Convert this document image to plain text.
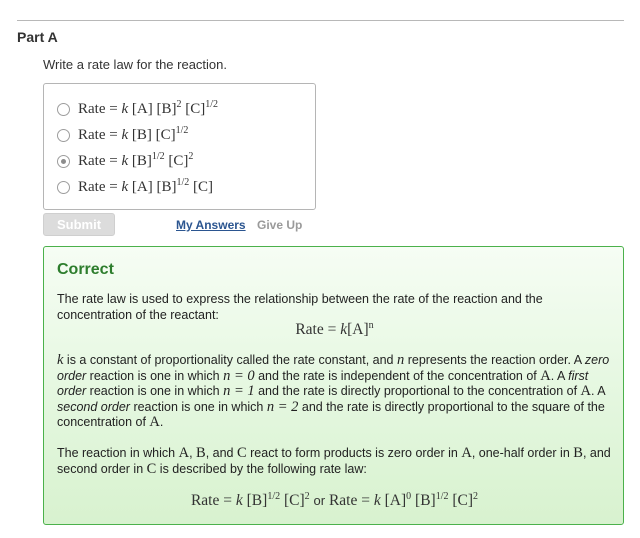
Part A
Write a rate law for the reaction.
Rate = k [A] $[B]^2$ $[C]^{1/2}$
Rate = k [B] $[C]^{1/2}$
Rate = k $[B]^{1/2}$ $[C]^2$
Rate = k [A] $[B]^{1/2}$ [C]
Submit	My Answers Give Up
Correct

The rate law is used to express the relationship between the rate of the reaction and the concentration of the reactant:

Rate = $k[A]^n$

k is a constant of proportionality called the rate constant, and n represents the reaction order. A zero order reaction is one in which n = 0 and the rate is independent of the concentration of A. A first order reaction is one in which n = 1 and the rate is directly proportional to the concentration of A. A second order reaction is one in which n = 2 and the rate is directly proportional to the square of the concentration of A.

The reaction in which A, B, and C react to form products is zero order in A, one-half order in B, and second order in C is described by the following rate law:

Rate = k $[B]^{1/2}$ $[C]^2$ or Rate = k $[A]^0$ $[B]^{1/2}$ $[C]^2$
